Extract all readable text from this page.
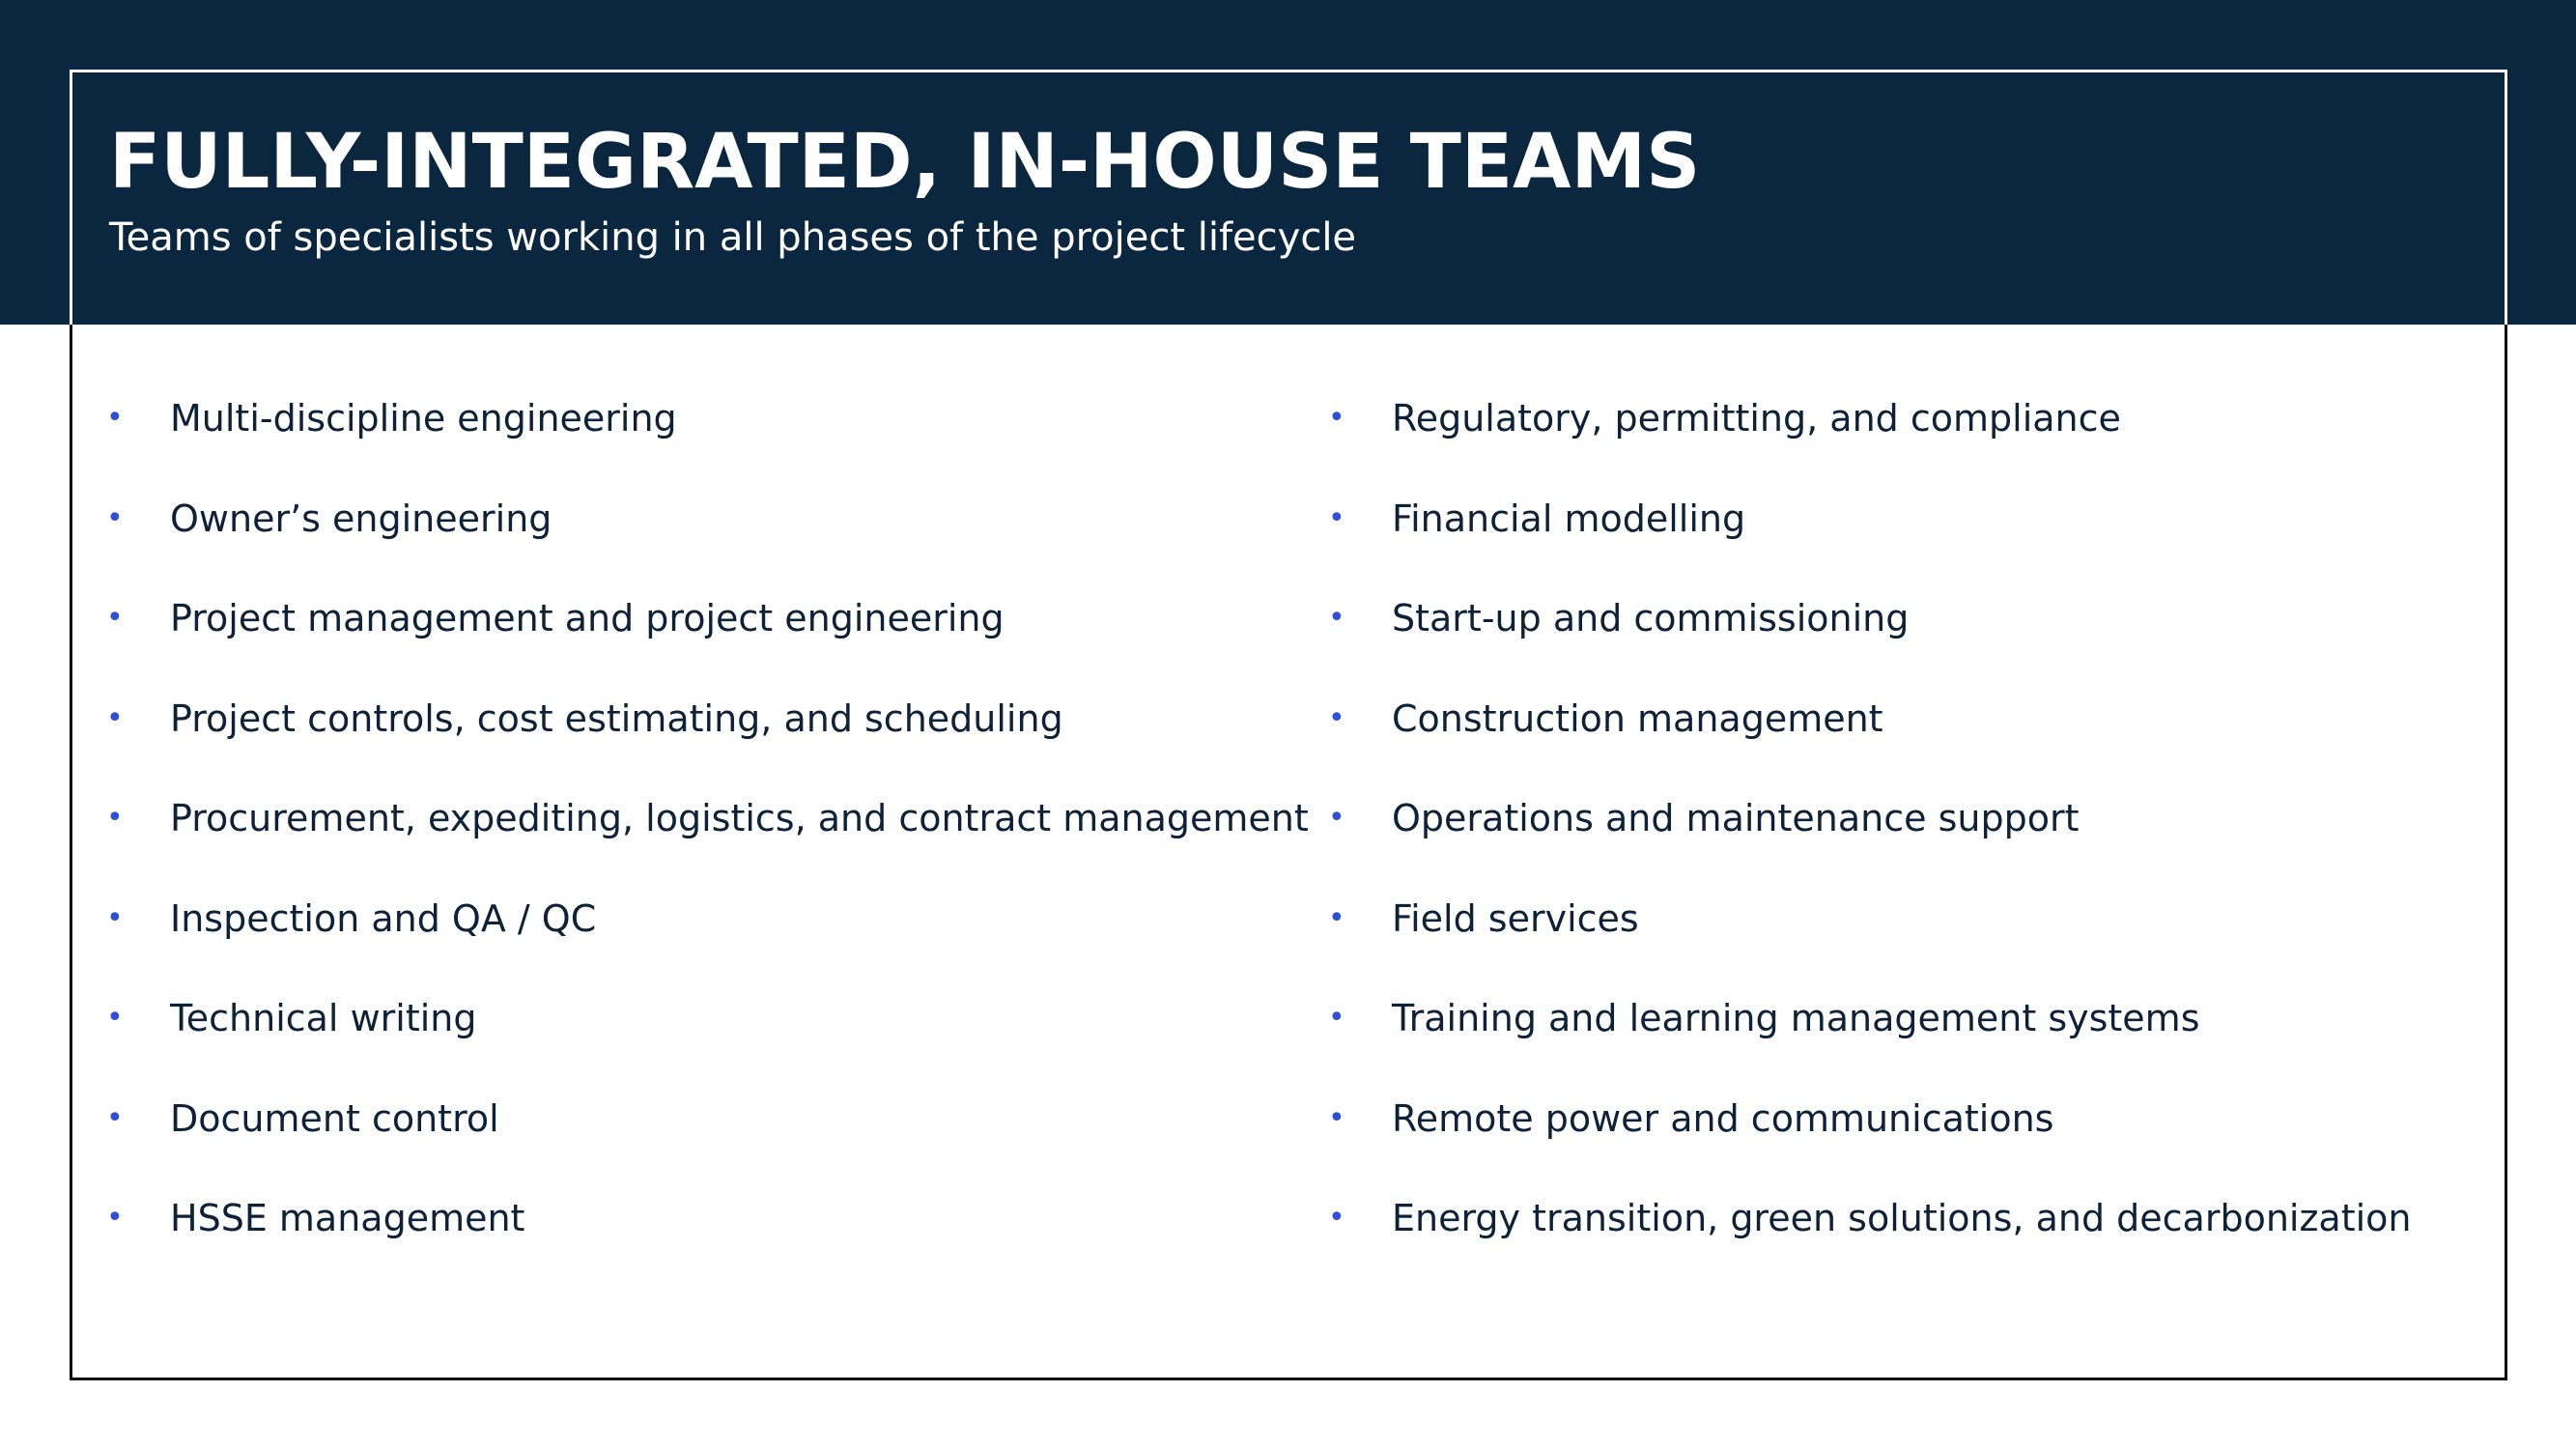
FULLY-INTEGRATED, IN-HOUSE TEAMS

Teams of specialists working in all phases of the project lifecycle

•	Multi-discipline engineering
•	Owner’s engineering
•	Project management and project engineering
•	Project controls, cost estimating, and scheduling
•	Procurement, expediting, logistics, and contract management
•	Inspection and QA / QC
•	Technical writing
•	Document control
•	HSSE management
•	Regulatory, permitting, and compliance
•	Financial modelling
•	Start-up and commissioning
•	Construction management
•	Operations and maintenance support
•	Field services
•	Training and learning management systems
•	Remote power and communications
•	Energy transition, green solutions, and decarbonization
